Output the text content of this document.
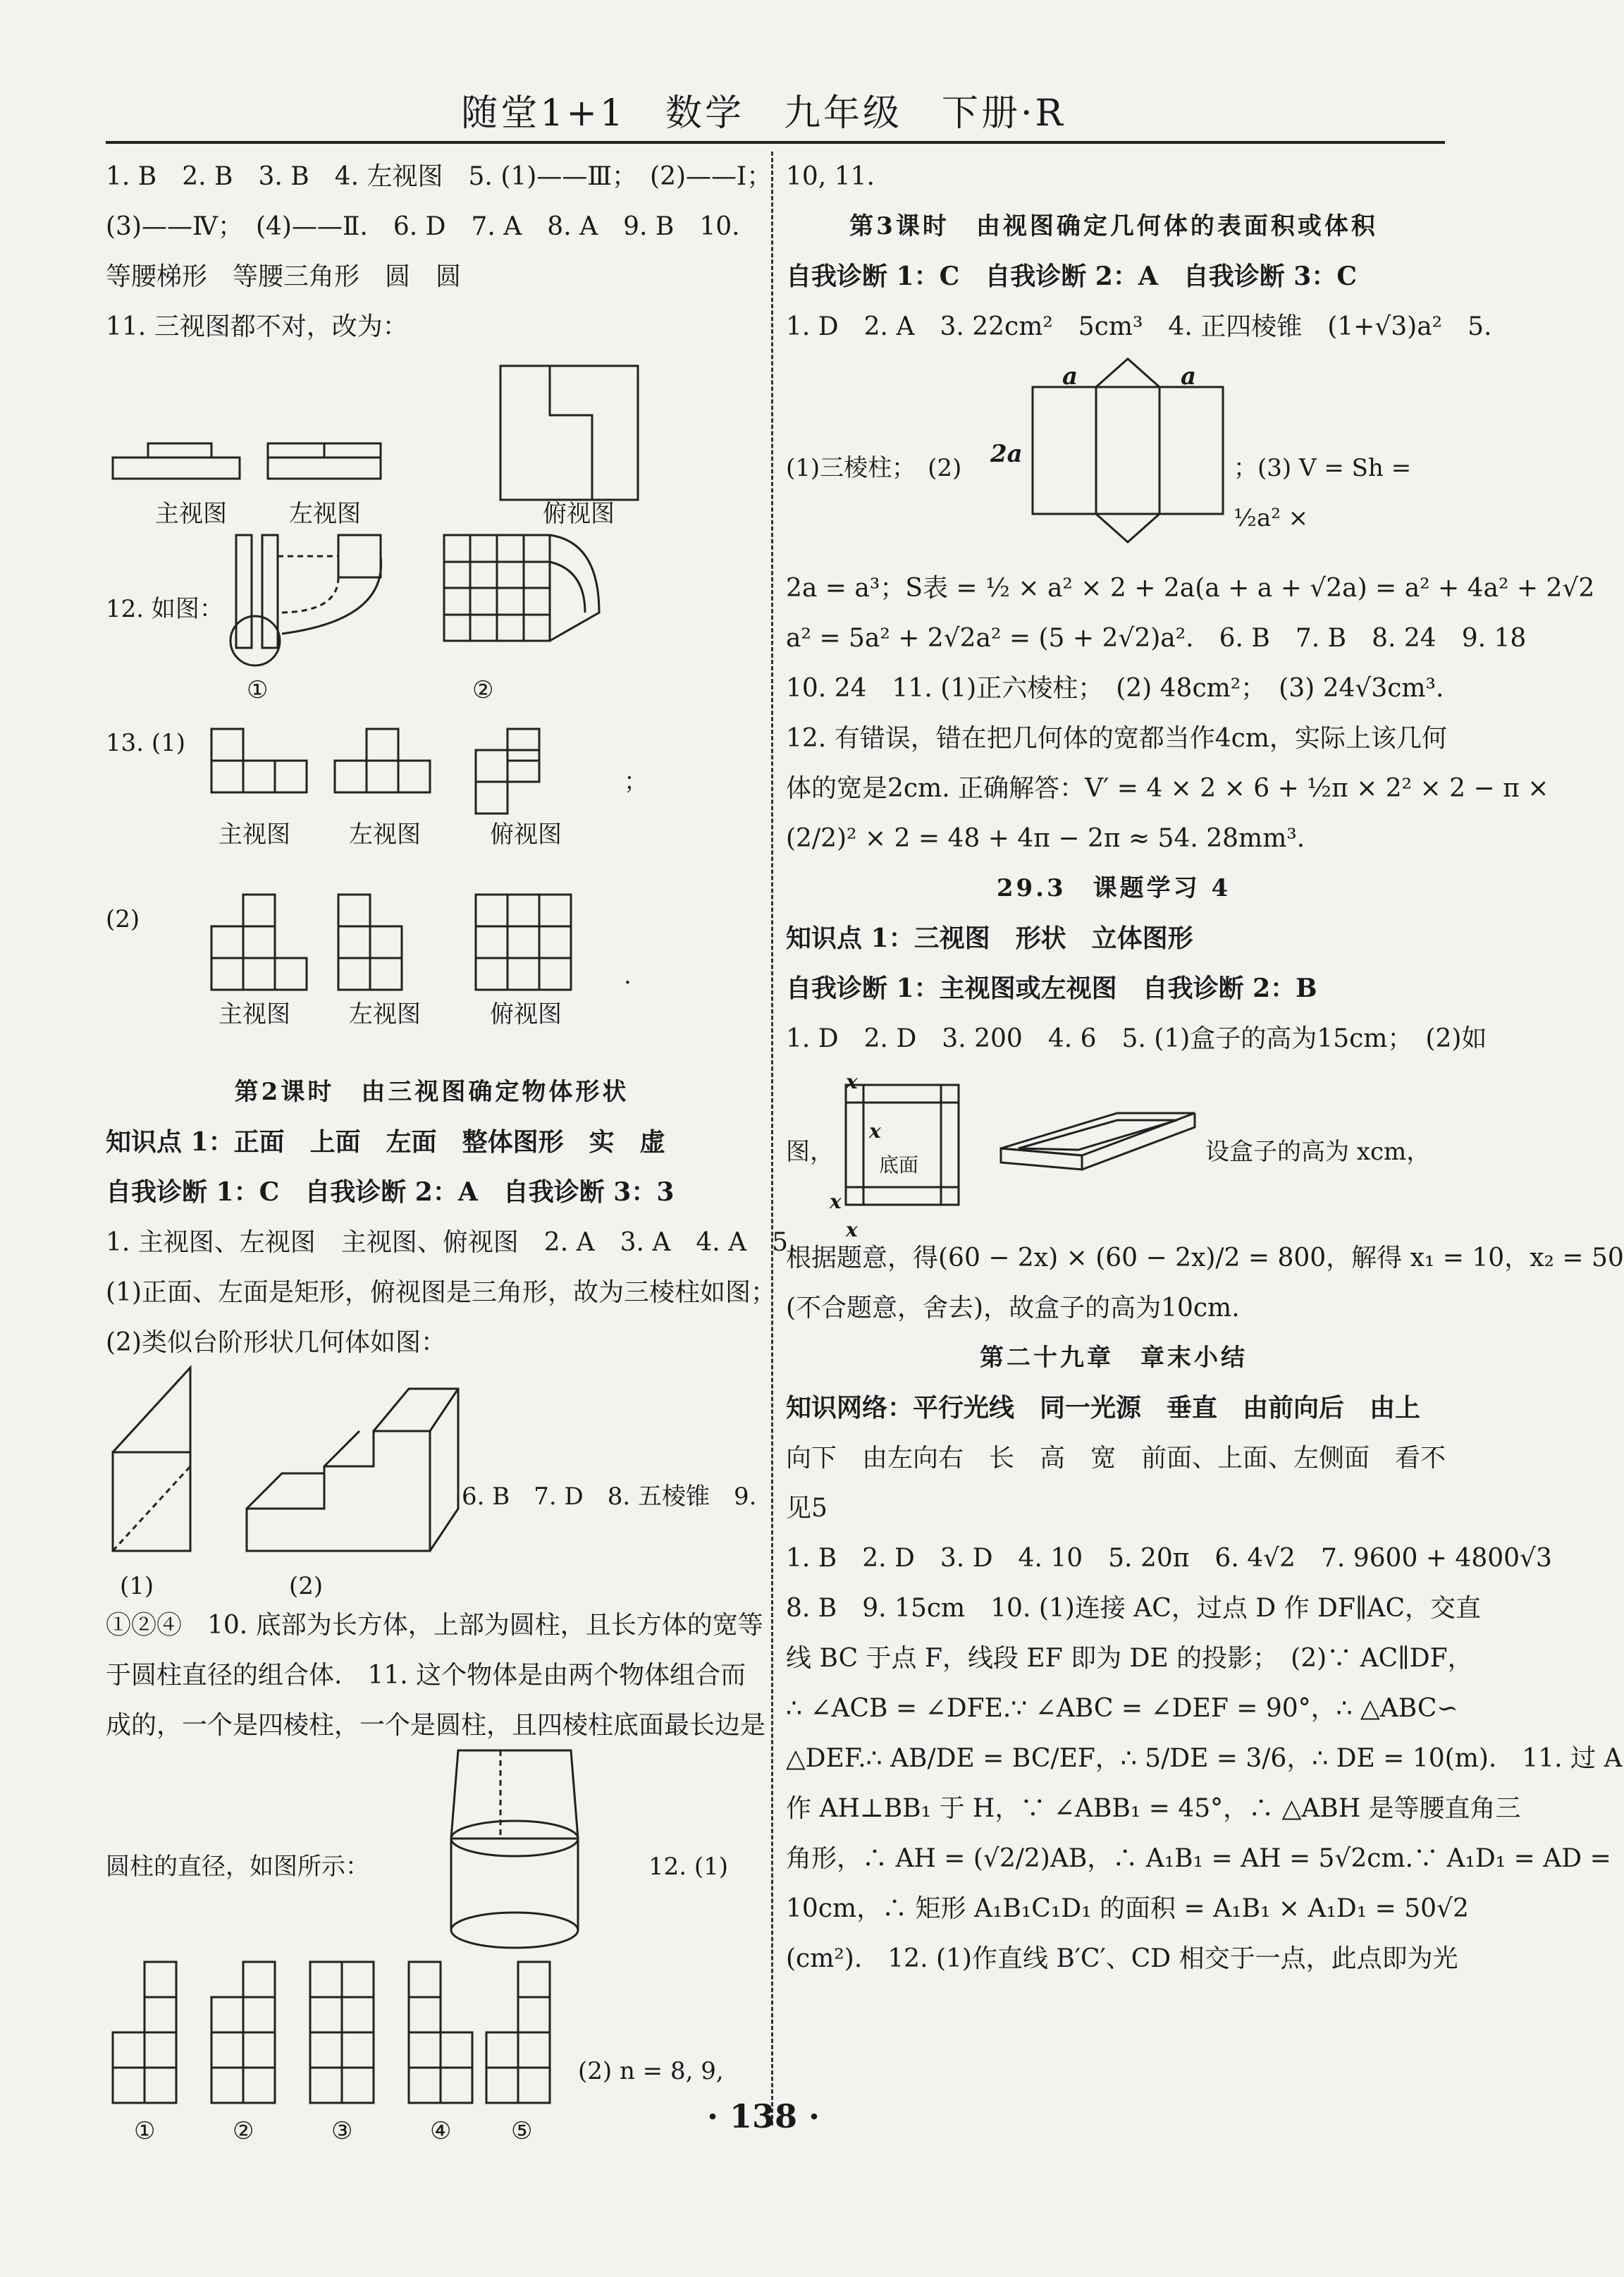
随堂1+1　数学　九年级　下册·R
1. B　2. B　3. B　4. 左视图　5. (1)——Ⅲ；　(2)——Ⅰ；
(3)——Ⅳ；　(4)——Ⅱ.　6. D　7. A　8. A　9. B　10.
等腰梯形　等腰三角形　圆　圆
11. 三视图都不对，改为：
主视图	左视图	俯视图
12. 如图：
①	②
13. (1)
主视图 左视图	俯视图
；
(2)
主视图 左视图	俯视图
.
第2课时　由三视图确定物体形状
知识点 1：正面　上面　左面　整体图形　实　虚
自我诊断 1：C　自我诊断 2：A　自我诊断 3：3
1. 主视图、左视图　主视图、俯视图　2. A　3. A　4. A　5.
(1)正面、左面是矩形，俯视图是三角形，故为三棱柱如图；
(2)类似台阶形状几何体如图：
(1)	(2)
6. B　7. D　8. 五棱锥　9.
①②④　10. 底部为长方体，上部为圆柱，且长方体的宽等
于圆柱直径的组合体.　11. 这个物体是由两个物体组合而
成的，一个是四棱柱，一个是圆柱，且四棱柱底面最长边是
圆柱的直径，如图所示：	12. (1)
①	②	③	④ ⑤
(2) n = 8, 9,
10, 11.
第3课时　由视图确定几何体的表面积或体积
自我诊断 1：C　自我诊断 2：A　自我诊断 3：C
1. D　2. A　3. 22cm²　5cm³　4. 正四棱锥　(1+√3)a²　5.
(1)三棱柱；　(2)
a	a
2a	；(3) V = Sh = ½a² ×
2a = a³；S表 = ½ × a² × 2 + 2a(a + a + √2a) = a² + 4a² + 2√2
a² = 5a² + 2√2a² = (5 + 2√2)a².　6. B　7. B　8. 24　9. 18
10. 24　11. (1)正六棱柱；　(2) 48cm²；　(3) 24√3cm³.
12. 有错误，错在把几何体的宽都当作4cm，实际上该几何
体的宽是2cm. 正确解答：V′ = 4 × 2 × 6 + ½π × 2² × 2 − π ×
(2/2)² × 2 = 48 + 4π − 2π ≈ 54. 28mm³.
29.3　课题学习 4
知识点 1：三视图　形状　立体图形
自我诊断 1：主视图或左视图　自我诊断 2：B
1. D　2. D　3. 200　4. 6　5. (1)盒子的高为15cm；　(2)如
图，
x
x
底面
x
x
设盒子的高为 xcm，
根据题意，得(60 − 2x) × (60 − 2x)/2 = 800，解得 x₁ = 10，x₂ = 50
(不合题意，舍去)，故盒子的高为10cm.
第二十九章　章末小结
知识网络：平行光线　同一光源　垂直　由前向后　由上
向下　由左向右　长　高　宽　前面、上面、左侧面　看不
见5
1. B　2. D　3. D　4. 10　5. 20π　6. 4√2　7. 9600 + 4800√3
8. B　9. 15cm　10. (1)连接 AC，过点 D 作 DF∥AC，交直
线 BC 于点 F，线段 EF 即为 DE 的投影；　(2)∵ AC∥DF，
∴ ∠ACB = ∠DFE.∵ ∠ABC = ∠DEF = 90°，∴ △ABC∽
△DEF.∴ AB/DE = BC/EF，∴ 5/DE = 3/6，∴ DE = 10(m).　11. 过 A
作 AH⊥BB₁ 于 H，∵ ∠ABB₁ = 45°，∴ △ABH 是等腰直角三
角形，∴ AH = (√2/2)AB，∴ A₁B₁ = AH = 5√2cm.∵ A₁D₁ = AD =
10cm，∴ 矩形 A₁B₁C₁D₁ 的面积 = A₁B₁ × A₁D₁ = 50√2
(cm²).　12. (1)作直线 B′C′、CD 相交于一点，此点即为光
· 138 ·
